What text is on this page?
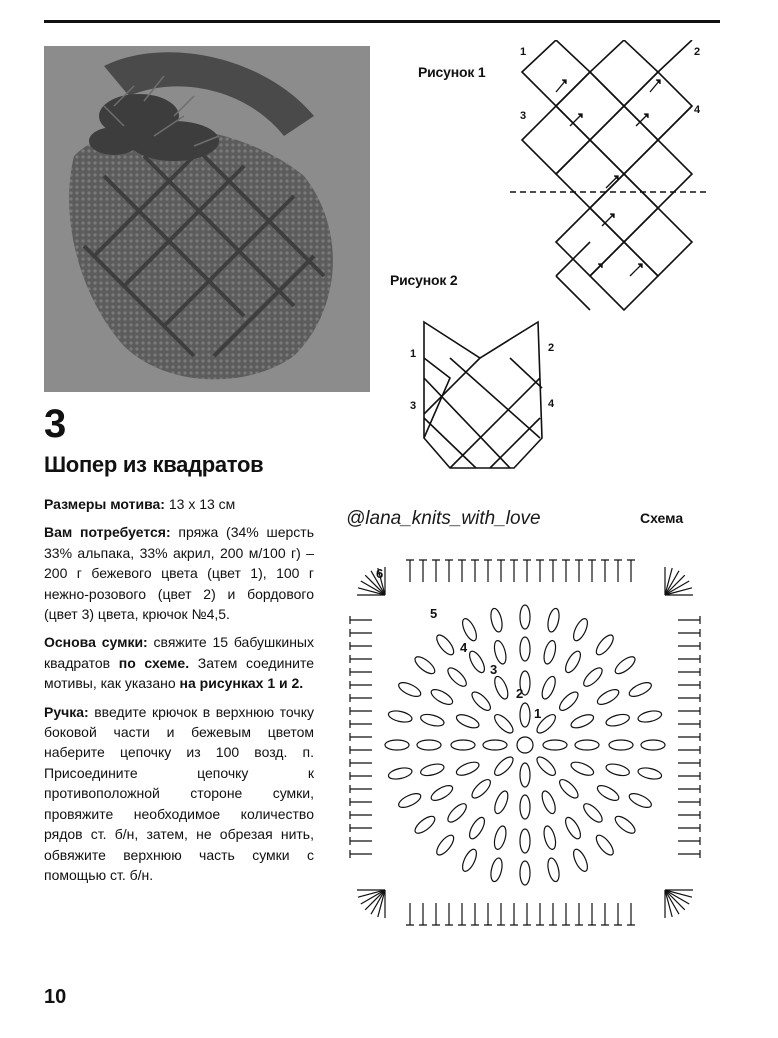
Рисунок 1
1	2
3	4
Рисунок 2
1	2
3	4
3
Шопер из квадратов

Размеры мотива: 13 х 13 см

Вам потребуется: пряжа (34% шерсть 33% альпака, 33% акрил, 200 м/100 г) – 200 г бежевого цвета (цвет 1), 100 г нежно-розового (цвет 2) и бордового (цвет 3) цвета, крючок №4,5.

Основа сумки: свяжите 15 бабушкиных квадратов по схеме. Затем соедините мотивы, как указано на рисунках 1 и 2.

Ручка: введите крючок в верхнюю точку боковой части и бежевым цветом наберите цепочку из 100 возд. п. Присоедините цепочку к противоположной стороне сумки, провяжите необходимое количество рядов ст. б/н, затем, не обрезая нить, обвяжите верхнюю часть сумки с помощью ст. б/н.

@lana_knits_with_love	Схема
1
2
3
4
5
6
10
